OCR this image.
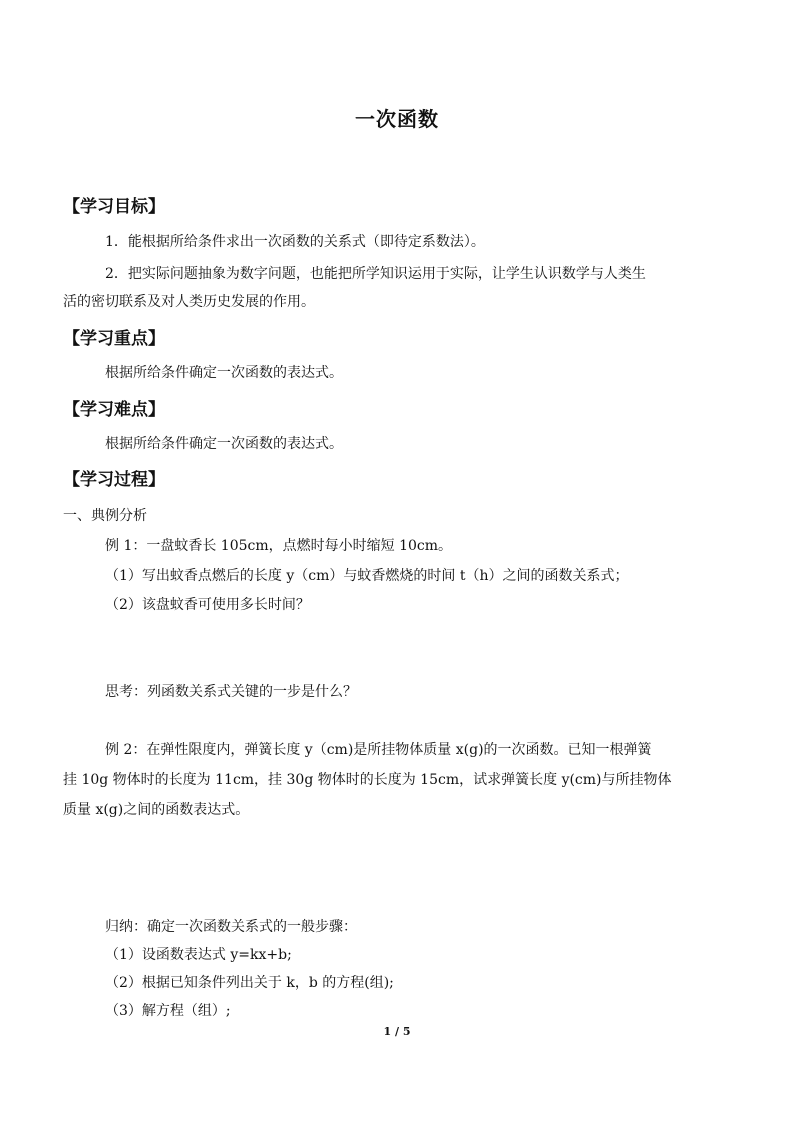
一次函数
【学习目标】
1．能根据所给条件求出一次函数的关系式（即待定系数法）。
2．把实际问题抽象为数字问题，也能把所学知识运用于实际，让学生认识数学与人类生
活的密切联系及对人类历史发展的作用。
【学习重点】
根据所给条件确定一次函数的表达式。
【学习难点】
根据所给条件确定一次函数的表达式。
【学习过程】
一、典例分析
例 1：一盘蚊香长 105cm，点燃时每小时缩短 10cm。
（1）写出蚊香点燃后的长度 y（cm）与蚊香燃烧的时间 t（h）之间的函数关系式；
（2）该盘蚊香可使用多长时间？
思考：列函数关系式关键的一步是什么？
例 2：在弹性限度内，弹簧长度 y（cm)是所挂物体质量 x(g)的一次函数。已知一根弹簧
挂 10g 物体时的长度为 11cm，挂 30g 物体时的长度为 15cm，试求弹簧长度 y(cm)与所挂物体
质量 x(g)之间的函数表达式。
归纳：确定一次函数关系式的一般步骤：
（1）设函数表达式 y=kx+b;
（2）根据已知条件列出关于 k，b 的方程(组);
（3）解方程（组）;
1 / 5
